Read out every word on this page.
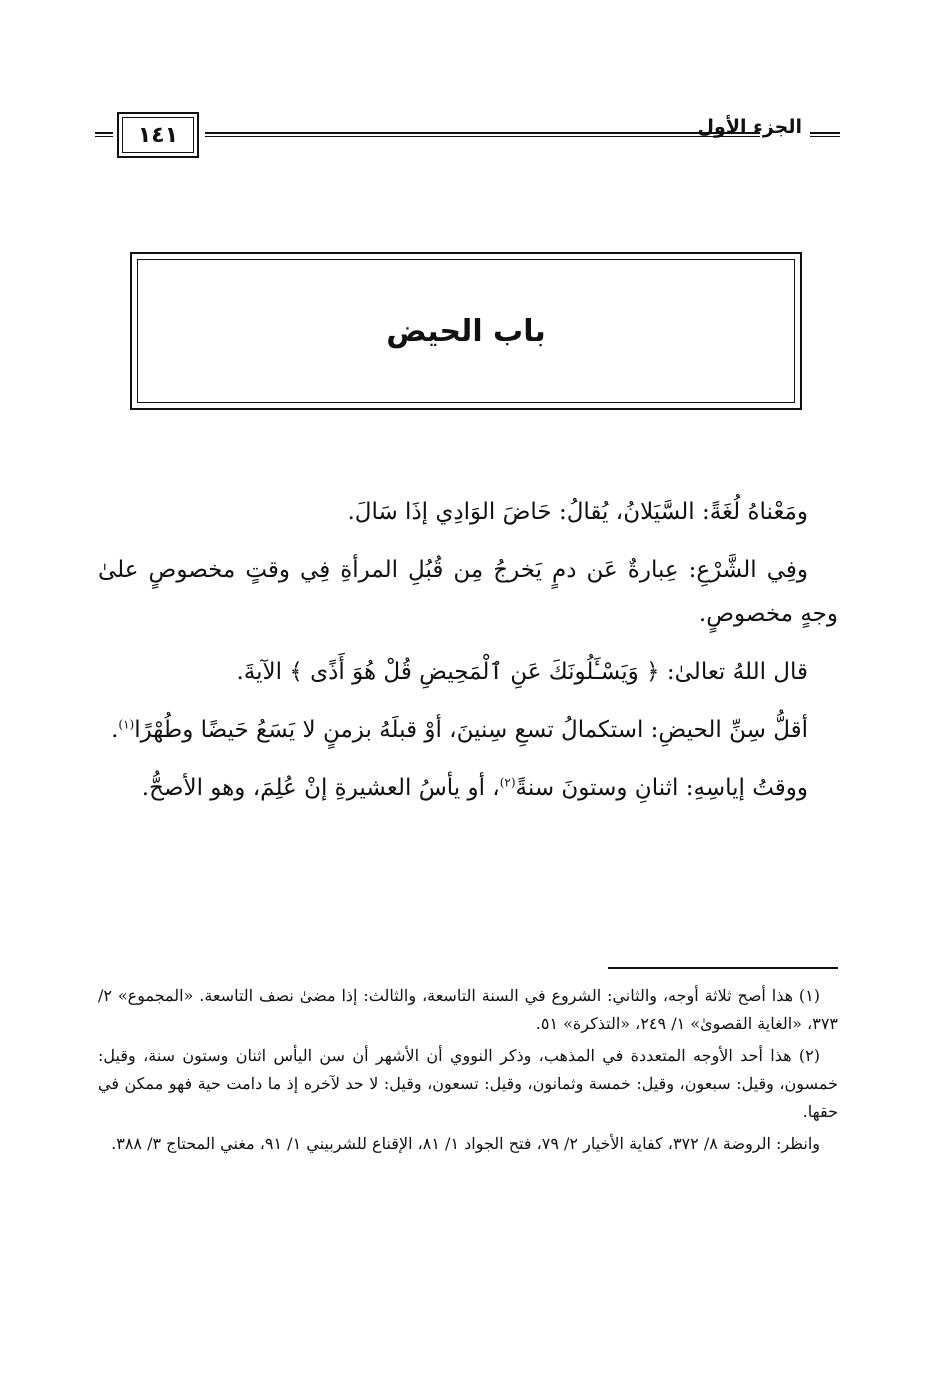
١٤١	الجزء الأول
باب الحيض

ومَعْناهُ لُغَةً: السَّيَلانُ، يُقالُ: حَاضَ الوَادِي إذَا سَالَ.

وفِي الشَّرْعِ: عِبارةٌ عَن دمٍ يَخرجُ مِن قُبُلِ المرأةِ فِي وقتٍ مخصوصٍ علىٰ وجهٍ مخصوصٍ.

قال اللهُ تعالىٰ: ﴿ وَيَسْـَٔلُونَكَ عَنِ ٱلْمَحِيضِ قُلْ هُوَ أَذًى ﴾ الآيةَ.

أقلُّ سِنِّ الحيضِ: استكمالُ تسعِ سِنينَ، أوْ قبلَهُ بزمنٍ لا يَسَعُ حَيضًا وطُهْرًا$^{(١)}$.

ووقتُ إياسِهِ: اثنانِ وستونَ سنةً$^{(٢)}$، أو يأسُ العشيرةِ إنْ عُلِمَ، وهو الأصحُّ.

(١) هذا أصح ثلاثة أوجه، والثاني: الشروع في السنة التاسعة، والثالث: إذا مضىٰ نصف التاسعة. «المجموع» ٢/ ٣٧٣، «الغاية القصوىٰ» ١/ ٢٤٩، «التذكرة» ٥١.

(٢) هذا أحد الأوجه المتعددة في المذهب، وذكر النووي أن الأشهر أن سن اليأس اثنان وستون سنة، وقيل: خمسون، وقيل: سبعون، وقيل: خمسة وثمانون، وقيل: تسعون، وقيل: لا حد لآخره إذ ما دامت حية فهو ممكن في حقها.

وانظر: الروضة ٨/ ٣٧٢، كفاية الأخيار ٢/ ٧٩، فتح الجواد ١/ ٨١، الإقناع للشربيني ١/ ٩١، مغني المحتاج ٣/ ٣٨٨.
